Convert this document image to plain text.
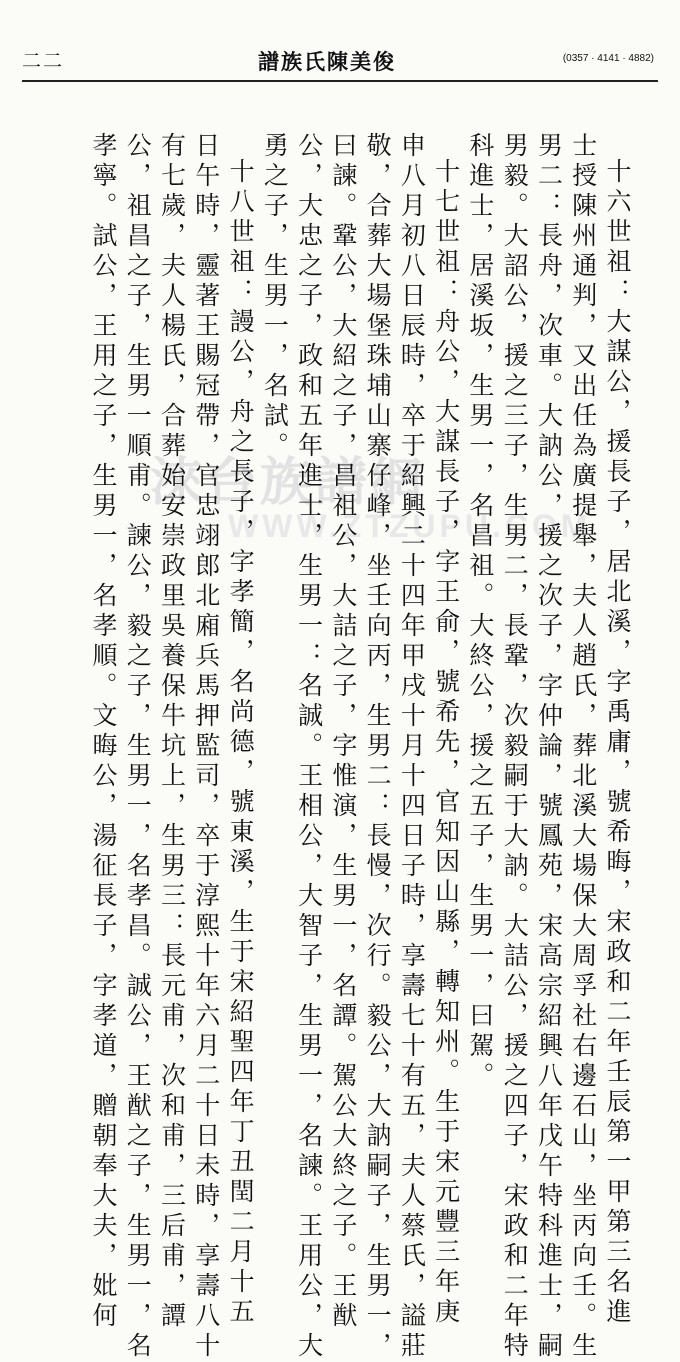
二二	譜族氏陳美俊	(0357 · 4141 · 4882)
淶台族譜網
WWW.ZTZUPU.COM 十六世祖：大謀公，援長子，居北溪，字禹庸，號希晦，宋政和二年壬辰第一甲第三名進
士授陳州通判，又出任為廣提舉，夫人趙氏，葬北溪大場保大周孚社右邊石山，坐丙向壬。生
男二：長舟，次車。大訥公，援之次子，字仲論，號鳳苑，宋高宗紹興八年戊午特科進士，嗣
男毅。大詔公，援之三子，生男二，長鞏，次毅嗣于大訥。大詰公，援之四子，宋政和二年特
科進士，居溪坂，生男一，名昌祖。大終公，援之五子，生男一，曰駕。
十七世祖：舟公，大謀長子，字王俞，號希先，官知因山縣，轉知州。生于宋元豐三年庚
申八月初八日辰時，卒于紹興二十四年甲戌十月十四日子時，享壽七十有五，夫人蔡氏，謚莊
敬，合葬大場堡珠埔山寨仔峰，坐壬向丙，生男二：長慢，次行。毅公，大訥嗣子，生男一，
曰諫。鞏公，大紹之子，昌祖公，大詰之子，字惟演，生男一，名譚。駕公大終之子。王猷
公，大忠之子，政和五年進士，生男一：名誠。王相公，大智子，生男一，名諫。王用公，大
勇之子，生男一，名試。
十八世祖：謾公，舟之長子，字孝簡，名尚德，號東溪，生于宋紹聖四年丁丑閏二月十五
日午時，靈著王賜冠帶，官忠翊郎北廂兵馬押監司，卒于淳熙十年六月二十日未時，享壽八十
有七歲，夫人楊氏，合葬始安崇政里吳養保牛坑上，生男三：長元甫，次和甫，三后甫，譚
公，祖昌之子，生男一順甫。諫公，毅之子，生男一，名孝昌。誠公，王猷之子，生男一，名
孝寧。試公，王用之子，生男一，名孝順。文晦公，湯征長子，字孝道，贈朝奉大夫，妣何
